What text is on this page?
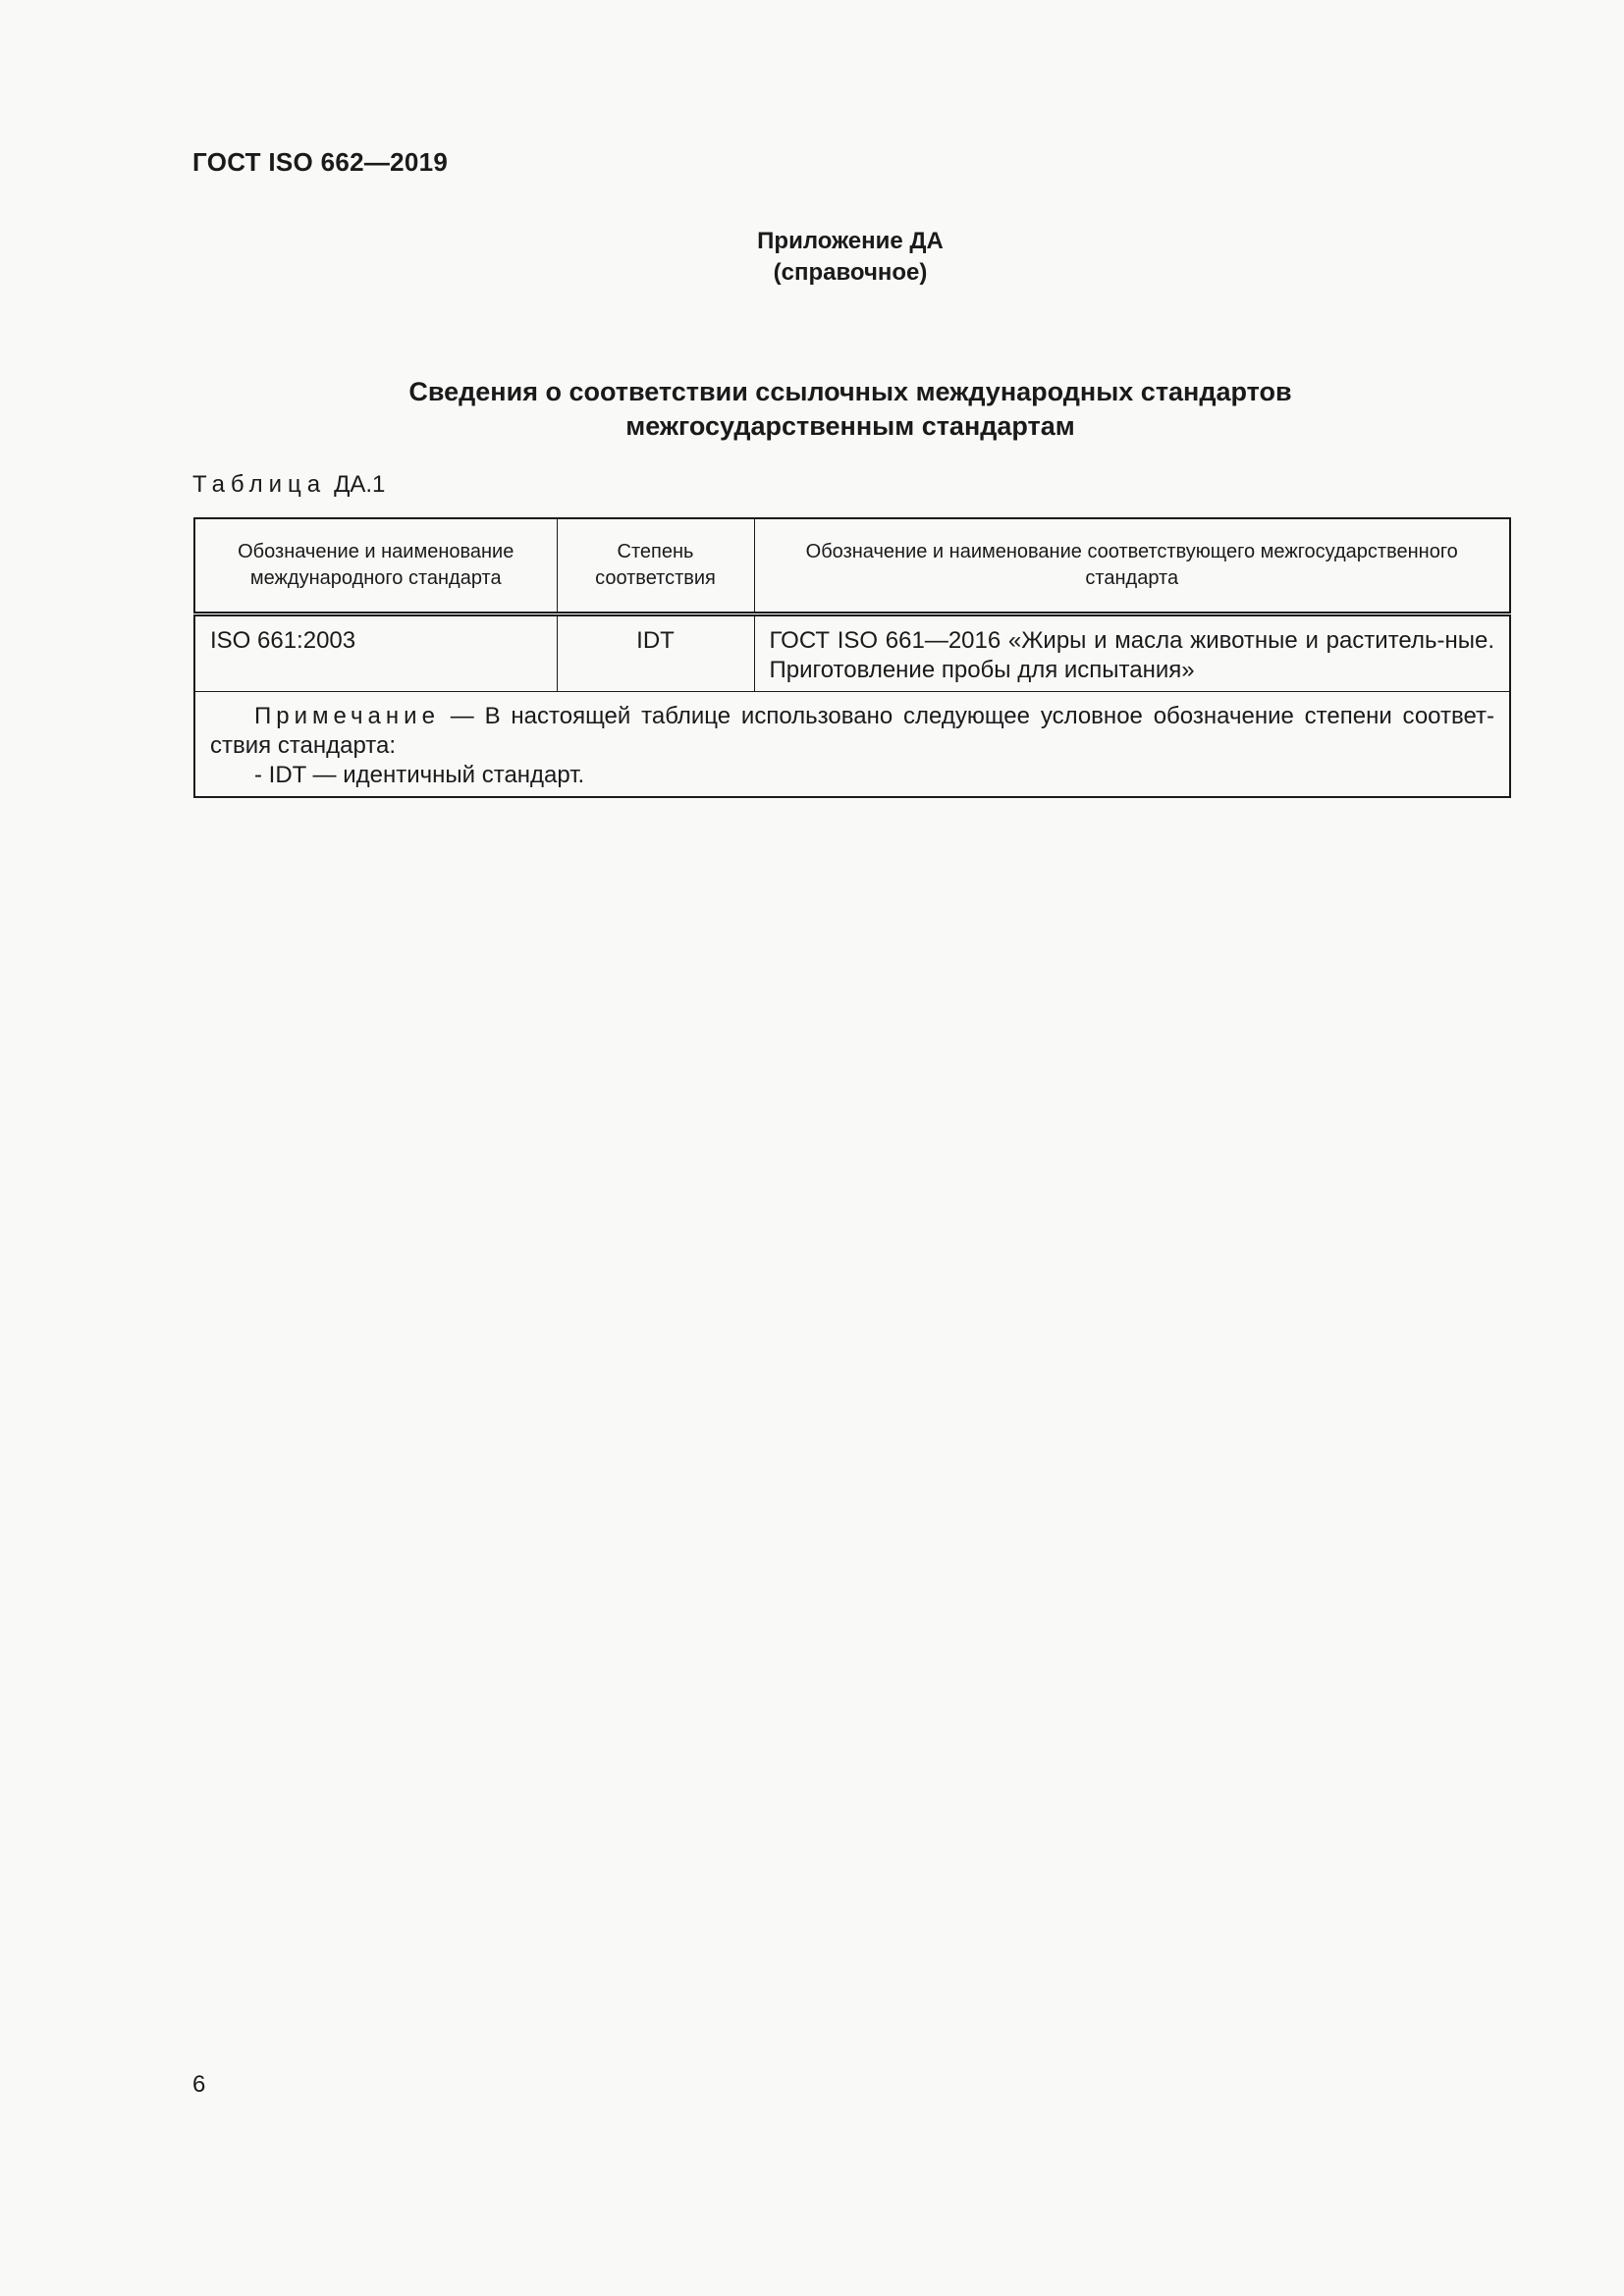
ГОСТ ISO 662—2019
Приложение ДА
(справочное)
Сведения о соответствии ссылочных международных стандартов
межгосударственным стандартам
Таблица ДА.1
Обозначение и наименование международного стандарта	Степень соответствия	Обозначение и наименование соответствующего межгосударственного стандарта
ISO 661:2003	IDT	ГОСТ ISO 661—2016 «Жиры и масла животные и раститель-ные. Приготовление пробы для испытания»

Примечание — В настоящей таблице использовано следующее условное обозначение степени соответ-ствия стандарта:
- IDT — идентичный стандарт.		
6
